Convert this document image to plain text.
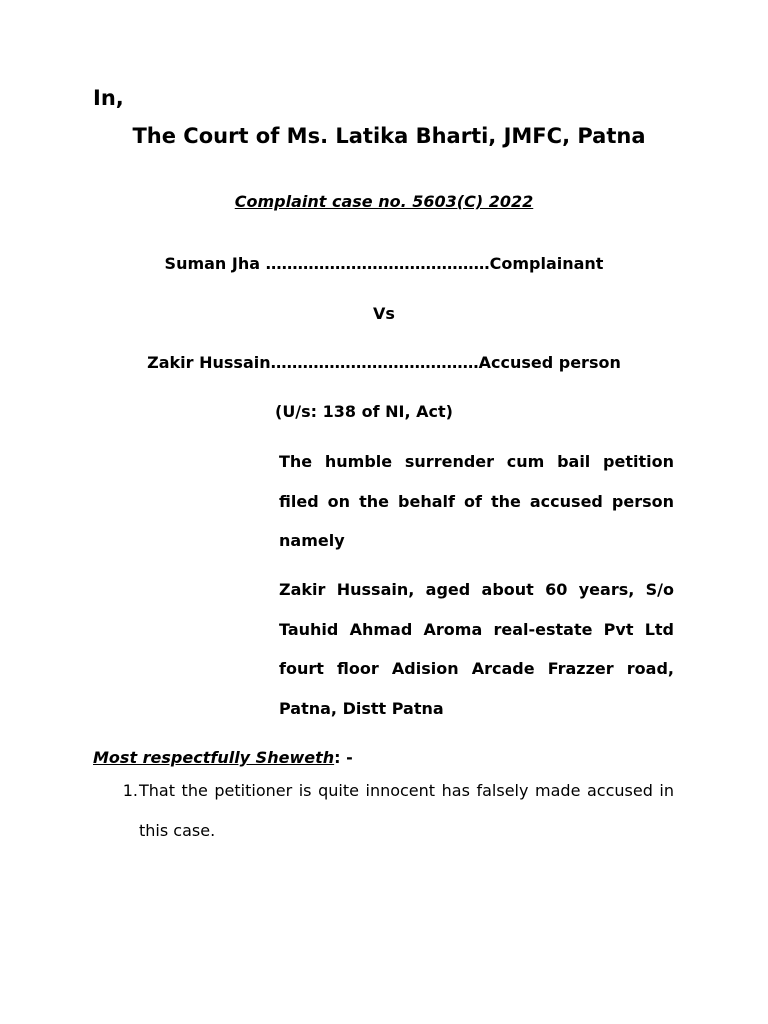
In,

The Court of Ms. Latika Bharti, JMFC, Patna

Complaint case no. 5603(C) 2022

Suman Jha ……………………………………Complainant

Vs

Zakir Hussain…………………………………Accused person

(U/s: 138 of NI, Act)

The humble surrender cum bail petition filed on the behalf of the accused person namely

Zakir Hussain, aged about 60 years, S/o Tauhid Ahmad Aroma real-estate Pvt Ltd fourt floor Adision Arcade Frazzer road, Patna, Distt Patna

Most respectfully Sheweth: -

1. That the petitioner is quite innocent has falsely made accused in this case.
